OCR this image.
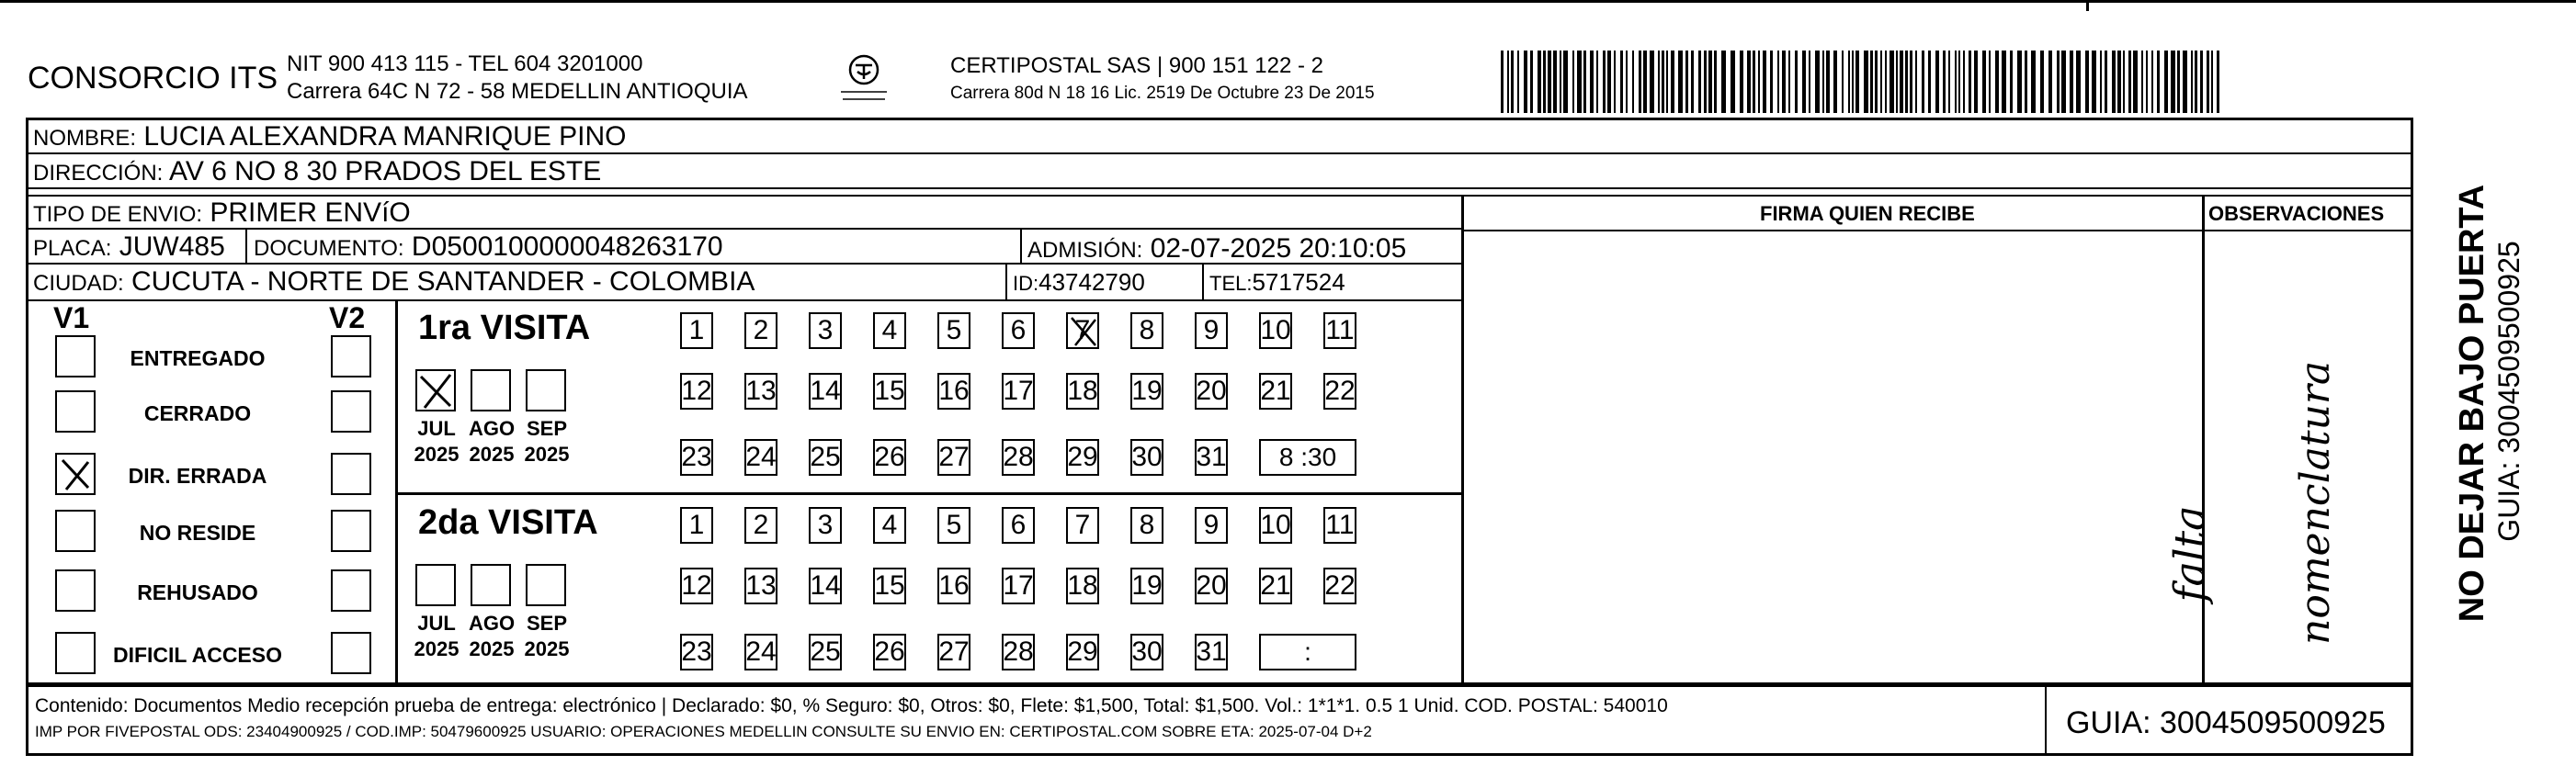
CONSORCIO ITS NIT 900 413 115 - TEL 604 3201000
Carrera 64C N 72 - 58 MEDELLIN ANTIOQUIA
CERTIPOSTAL SAS | 900 151 122 - 2
Carrera 80d N 18 16 Lic. 2519 De Octubre 23 De 2015
NOMBRE: LUCIA ALEXANDRA MANRIQUE PINO
DIRECCIÓN: AV 6 NO 8 30 PRADOS DEL ESTE
TIPO DE ENVIO: PRIMER ENVíO
PLACA: JUW485 DOCUMENTO: D0500100000048263170	ADMISIÓN: 02-07-2025 20:10:05
CIUDAD: CUCUTA - NORTE DE SANTANDER - COLOMBIA	ID:43742790	TEL:5717524
FIRMA QUIEN RECIBE	OBSERVACIONES
falta nomenclatura
V1	V2
ENTREGADO
CERRADO
DIR. ERRADA
NO RESIDE
REHUSADO
DIFICIL ACCESO
1ra VISITA
JUL
2025
AGO
2025
SEP
2025
1 2 3 4 5 6 7 8 9 10 11
12 13 14 15 16 17 18 19 20 21 22
23 24 25 26 27 28 29 30 31	8 :30
2da VISITA
JUL
2025
AGO
2025
SEP
2025
1 2 3 4 5 6 7 8 9 10 11
12 13 14 15 16 17 18 19 20 21 22
23 24 25 26 27 28 29 30 31	:
Contenido: Documentos Medio recepción prueba de entrega: electrónico | Declarado: $0, % Seguro: $0, Otros: $0, Flete: $1,500, Total: $1,500. Vol.: 1*1*1. 0.5 1 Unid. COD. POSTAL: 540010
IMP POR FIVEPOSTAL ODS: 23404900925 / COD.IMP: 50479600925 USUARIO: OPERACIONES MEDELLIN CONSULTE SU ENVIO EN: CERTIPOSTAL.COM SOBRE ETA: 2025-07-04 D+2	GUIA: 3004509500925
NO DEJAR BAJO PUERTA GUIA: 3004509500925
